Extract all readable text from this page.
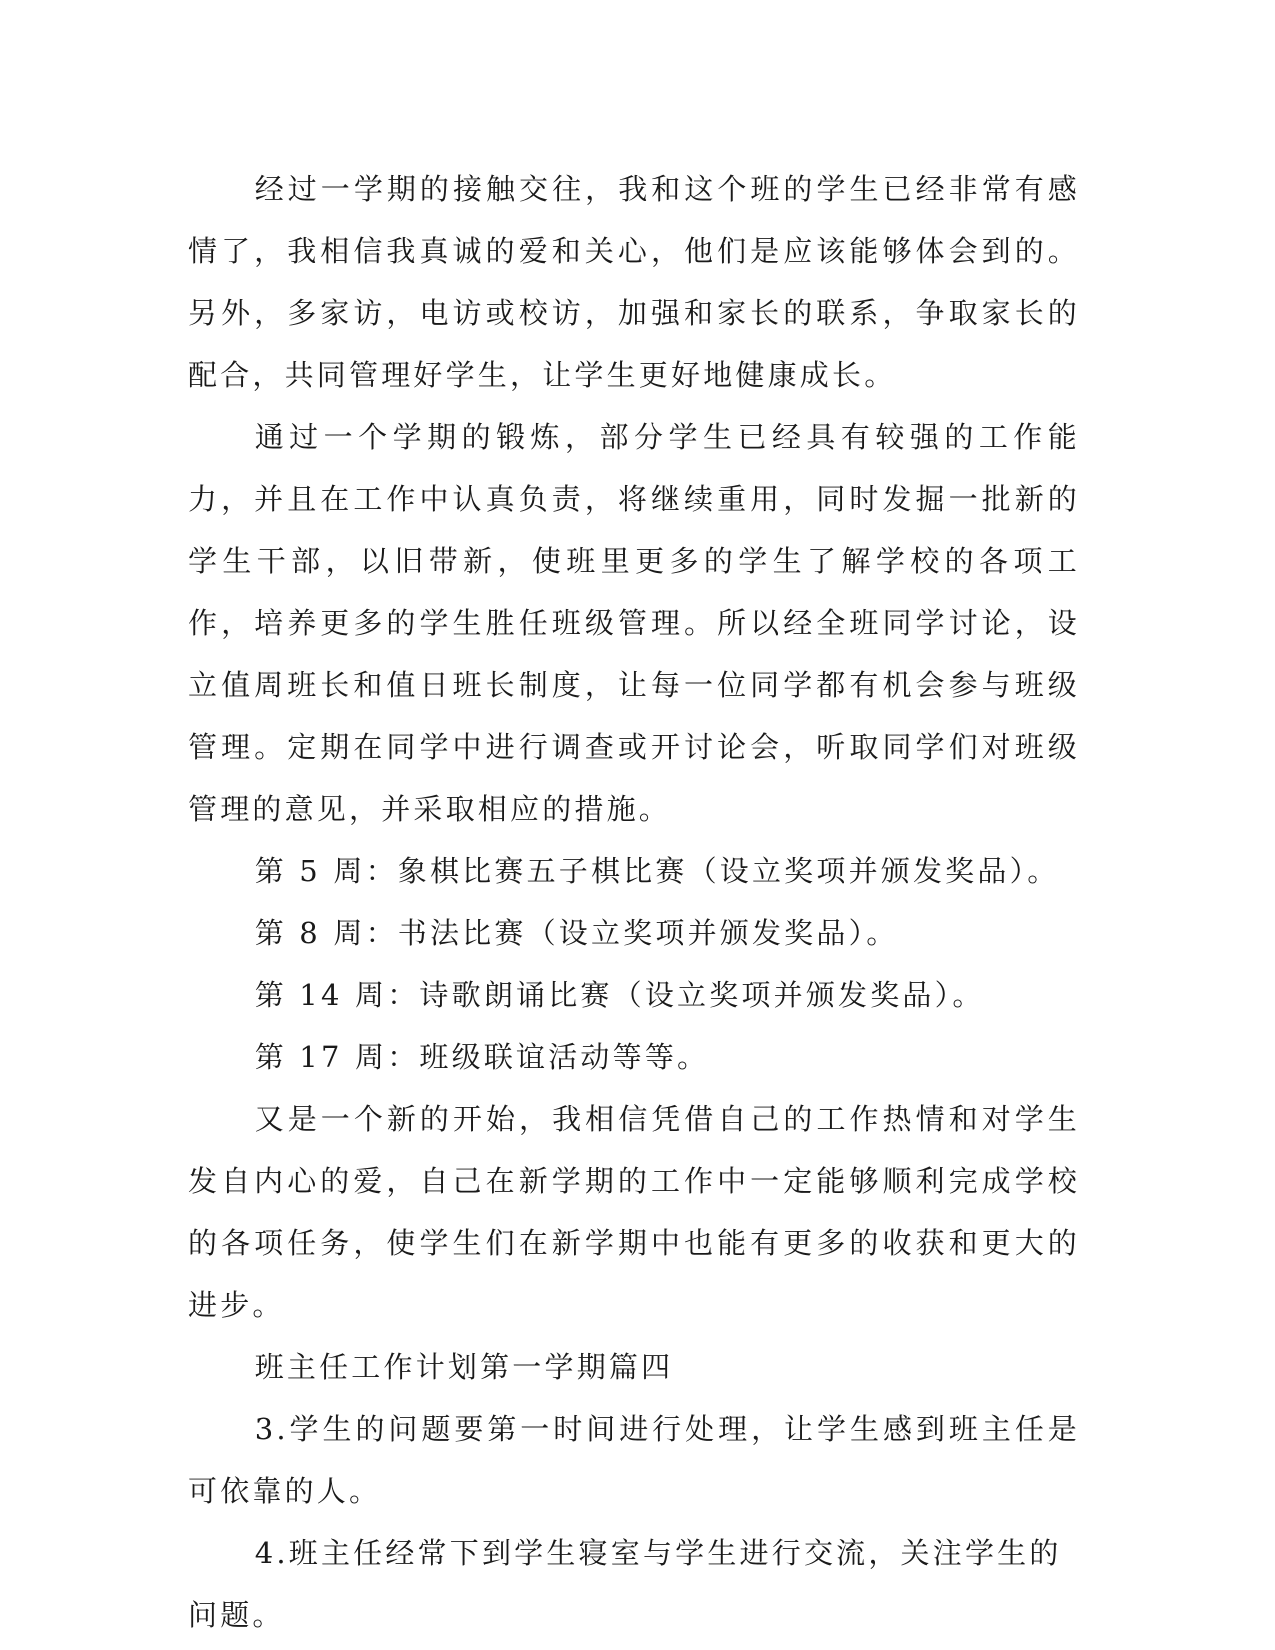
经过一学期的接触交往，我和这个班的学生已经非常有感情了，我相信我真诚的爱和关心，他们是应该能够体会到的。另外，多家访，电访或校访，加强和家长的联系，争取家长的配合，共同管理好学生，让学生更好地健康成长。

通过一个学期的锻炼，部分学生已经具有较强的工作能力，并且在工作中认真负责，将继续重用，同时发掘一批新的学生干部，以旧带新，使班里更多的学生了解学校的各项工作，培养更多的学生胜任班级管理。所以经全班同学讨论，设立值周班长和值日班长制度，让每一位同学都有机会参与班级管理。定期在同学中进行调查或开讨论会，听取同学们对班级管理的意见，并采取相应的措施。

第 5 周：象棋比赛五子棋比赛（设立奖项并颁发奖品）。

第 8 周：书法比赛（设立奖项并颁发奖品）。

第 14 周：诗歌朗诵比赛（设立奖项并颁发奖品）。

第 17 周：班级联谊活动等等。

又是一个新的开始，我相信凭借自己的工作热情和对学生发自内心的爱，自己在新学期的工作中一定能够顺利完成学校的各项任务，使学生们在新学期中也能有更多的收获和更大的进步。

班主任工作计划第一学期篇四

3.学生的问题要第一时间进行处理，让学生感到班主任是可依靠的人。

4.班主任经常下到学生寝室与学生进行交流，关注学生的问题。
